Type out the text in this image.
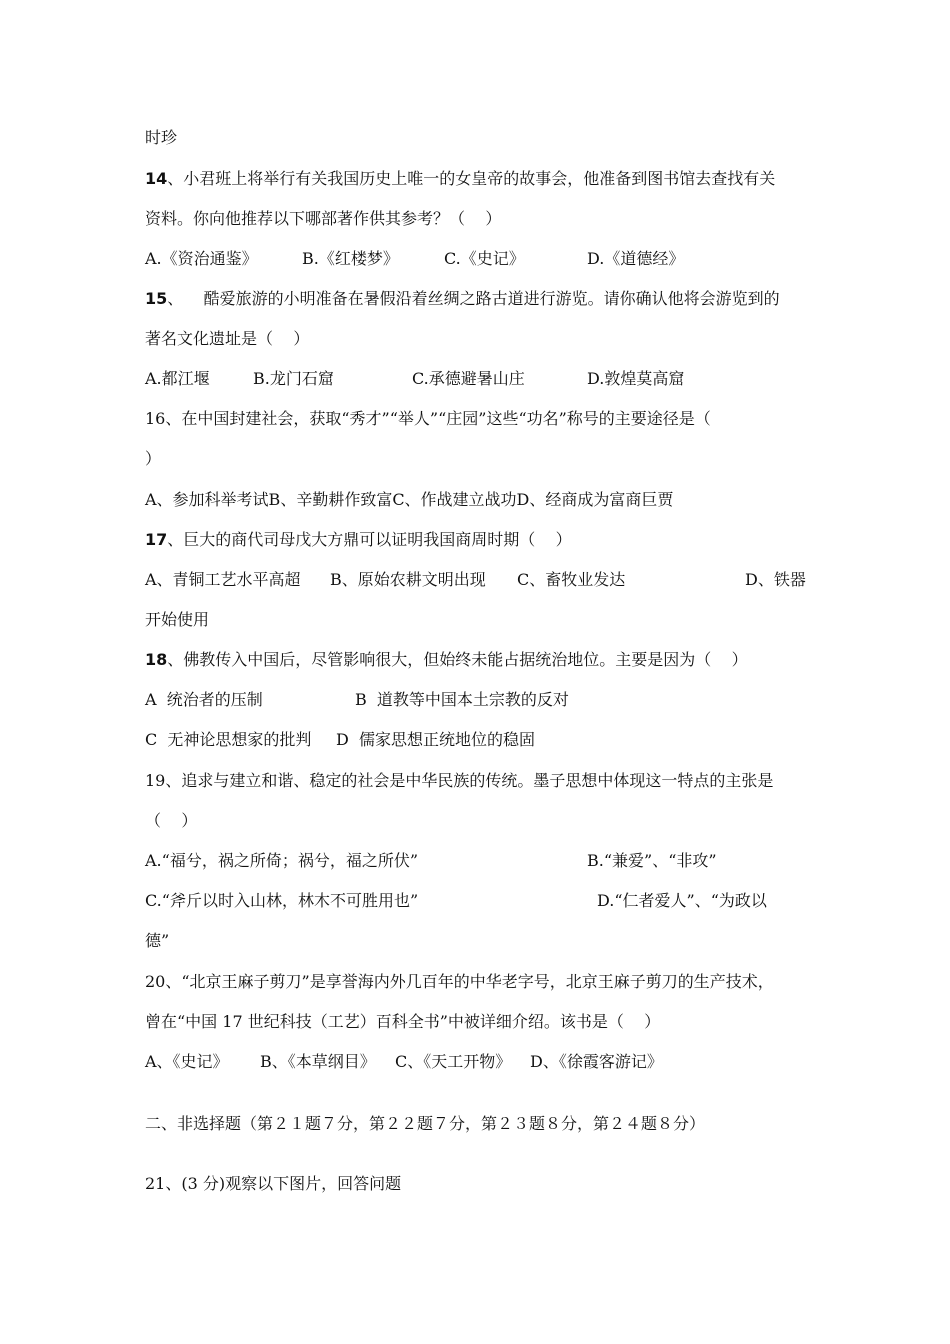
时珍
14、小君班上将举行有关我国历史上唯一的女皇帝的故事会，他准备到图书馆去查找有关
资料。你向他推荐以下哪部著作供其参考？（    ）
A.《资治通鉴》	B.《红楼梦》	C.《史记》	D.《道德经》
15、    酷爱旅游的小明准备在暑假沿着丝绸之路古道进行游览。请你确认他将会游览到的
著名文化遗址是（    ）
A.都江堰	B.龙门石窟	C.承德避暑山庄	D.敦煌莫高窟
16、在中国封建社会，获取“秀才”“举人”“庄园”这些“功名”称号的主要途径是（
）
A、参加科举考试B、辛勤耕作致富C、作战建立战功D、经商成为富商巨贾
17、巨大的商代司母戊大方鼎可以证明我国商周时期（    ）
A、青铜工艺水平高超 B、原始农耕文明出现 C、畜牧业发达	D、铁器
开始使用
18、佛教传入中国后，尽管影响很大，但始终未能占据统治地位。主要是因为（    ）
A  统治者的压制	B  道教等中国本土宗教的反对
C  无神论思想家的批判 D  儒家思想正统地位的稳固
19、追求与建立和谐、稳定的社会是中华民族的传统。墨子思想中体现这一特点的主张是
（    ）
A.“福兮，祸之所倚；祸兮，福之所伏”	B.“兼爱”、“非攻”
C.“斧斤以时入山林，林木不可胜用也”	D.“仁者爱人”、“为政以
德”
20、“北京王麻子剪刀”是享誉海内外几百年的中华老字号，北京王麻子剪刀的生产技术，
曾在“中国 17 世纪科技（工艺）百科全书”中被详细介绍。该书是（    ）
A、《史记》 B、《本草纲目》 C、《天工开物》 D、《徐霞客游记》
二、非选择题（第２１题７分，第２２题７分，第２３题８分，第２４题８分）
21、(3 分)观察以下图片，回答问题
